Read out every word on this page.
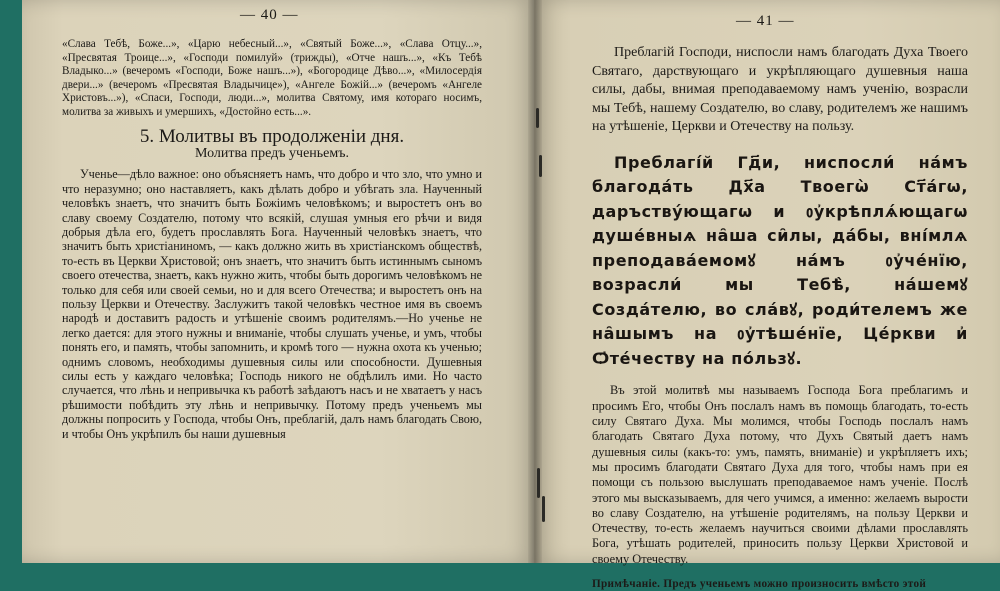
— 40 —

«Слава Тебѣ, Боже...», «Царю небесный...», «Святый Боже...», «Слава Отцу...», «Пресвятая Троице...», «Господи помилуй» (трижды), «Отче нашъ...», «Къ Тебѣ Владыко...» (вечеромъ «Господи, Боже нашъ...»), «Богородице Дѣво...», «Милосердія двери...» (вечеромъ «Пресвятая Владычице»), «Ангеле Божій...» (вечеромъ «Ангеле Христовъ...»), «Спаси, Господи, люди...», молитва Святому, имя котораго носимъ, молитва за живыхъ и умершихъ, «Достойно есть...».

5. Молитвы въ продолженіи дня.

Молитва предъ ученьемъ.

Ученье—дѣло важное: оно объясняетъ намъ, что добро и что зло, что умно и что неразумно; оно наставляетъ, какъ дѣлать добро и убѣгать зла. Наученный человѣкъ знаетъ, что значитъ быть Божіимъ человѣкомъ; и выростетъ онъ во славу своему Создателю, потому что всякій, слушая умныя его рѣчи и видя добрыя дѣла его, будетъ прославлять Бога. Наученный человѣкъ знаетъ, что значитъ быть христіаниномъ, — какъ должно жить въ христіанскомъ обществѣ, то-есть въ Церкви Христовой; онъ знаетъ, что значитъ быть истиннымъ сыномъ своего отечества, знаетъ, какъ нужно жить, чтобы быть дорогимъ человѣкомъ не только для себя или своей семьи, но и для всего Отечества; и выростетъ онъ на пользу Церкви и Отечеству. Заслужитъ такой человѣкъ честное имя въ своемъ народѣ и доставитъ радость и утѣшеніе своимъ родителямъ.—Но ученье не легко дается: для этого нужны и вниманіе, чтобы слушать ученье, и умъ, чтобы понять его, и память, чтобы запомнить, и кромѣ того — нужна охота къ ученью; однимъ словомъ, необходимы душевныя силы или способности. Душевныя силы есть у каждаго человѣка; Господь никого не обдѣлилъ ими. Но часто случается, что лѣнь и непривычка къ работѣ заѣдаютъ насъ и не хватаетъ у насъ рѣшимости побѣдить эту лѣнь и непривычку. Потому предъ ученьемъ мы должны попросить у Господа, чтобы Онъ, преблагій, далъ намъ благодать Свою, и чтобы Онъ укрѣпилъ бы наши душевныя

— 41 —

Преблагій Господи, ниспосли намъ благодать Духа Твоего Святаго, дарствующаго и укрѣпляющаго душевныя наша силы, дабы, внимая преподаваемому намъ ученію, возрасли мы Тебѣ, нашему Создателю, во славу, родителемъ же нашимъ на утѣшеніе, Церкви и Отечеству на пользу.

Преблагі́й Гд҃и, ниспосли́ на́мъ благода́ть Дх҃а Твоегѡ̀ Ст҃а́гѡ, даръству́ющагѡ и ᲂу҆крѣплѧ́ющагѡ душе́вныѧ на̑ша си̑лы, да́бы, вні́млѧ преподава́емомꙋ на́мъ ᲂу҆че́нїю, возрасли́ мы Тебѣ̀, на́шемꙋ Созда́телю, во сла́вꙋ, роди́телемъ же на̑шымъ на ᲂу҆тѣше́нїе, Це́ркви и҆ Ѻ҆те́честву на по́льзꙋ.

Въ этой молитвѣ мы называемъ Господа Бога преблагимъ и просимъ Его, чтобы Онъ послалъ намъ въ помощь благодать, то-есть силу Святаго Духа. Мы молимся, чтобы Господь послалъ намъ благодать Святаго Духа потому, что Духъ Святый даетъ намъ душевныя силы (какъ-то: умъ, память, вниманіе) и укрѣпляетъ ихъ; мы просимъ благодати Святаго Духа для того, чтобы намъ при ея помощи съ пользою выслушать преподаваемое намъ ученіе. Послѣ этого мы высказываемъ, для чего учимся, а именно: желаемъ вырости во славу Создателю, на утѣшеніе родителямъ, на пользу Церкви и Отечеству, то-есть желаемъ научиться своими дѣлами прославлять Бога, утѣшать родителей, приносить пользу Церкви Христовой и своему Отечеству.

Примѣчаніе. Предъ ученьемъ можно произносить вмѣсто этой
